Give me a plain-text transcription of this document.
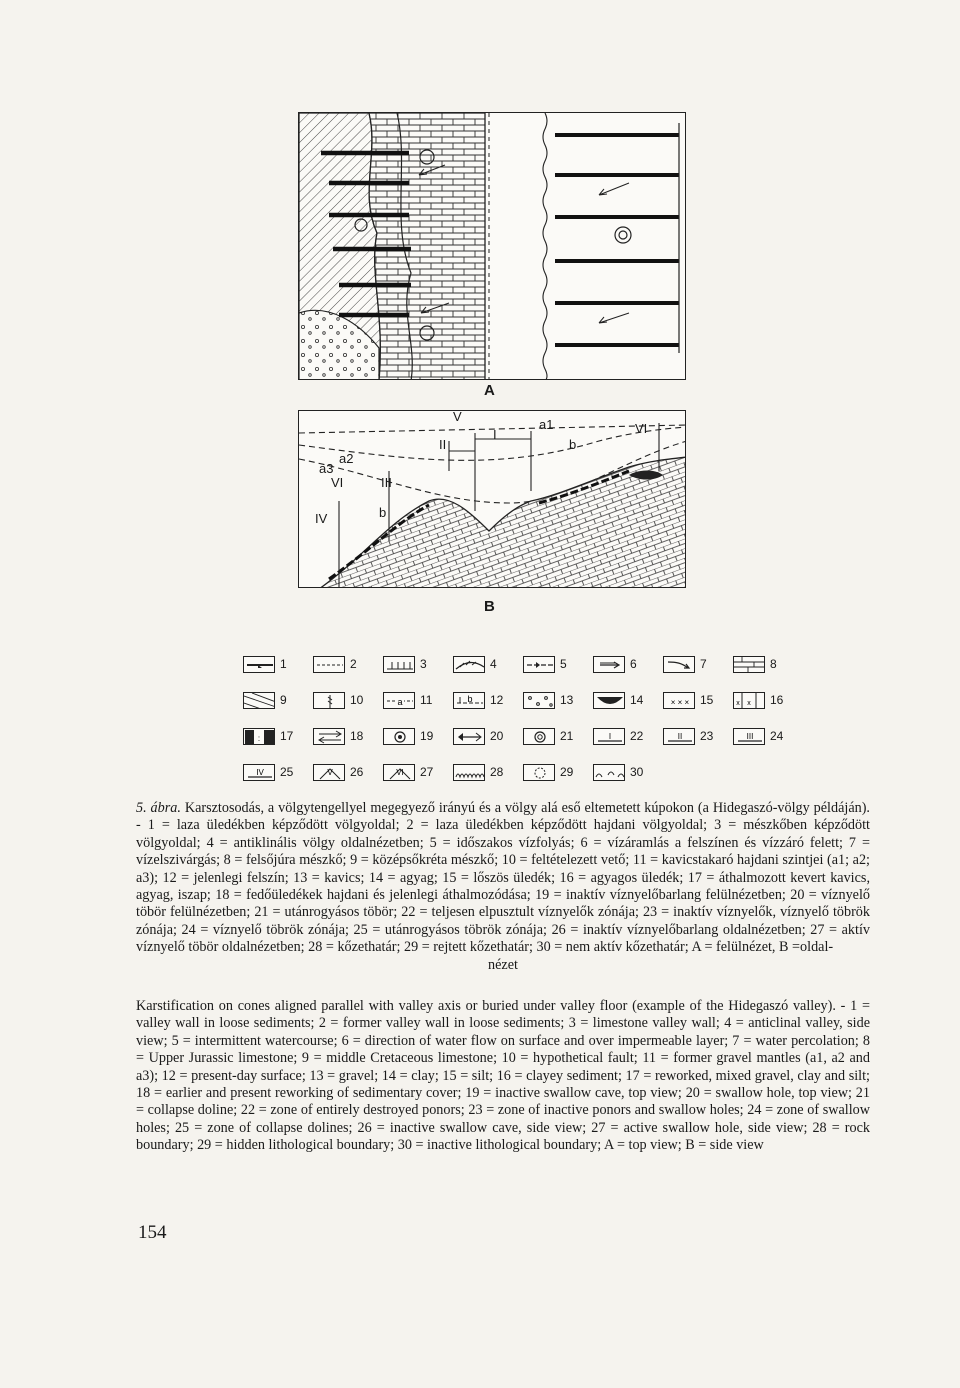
A
V
I
II
III
IV
VI
VI
a1
a2
a3
b
b
B
1	2	3	4	5	6	7	8
9	10	a 11	b 12	13	14	× × × 15	x x 16
: 17	18	19	20	21	I 22	II 23	III 24
IV 25	V 26	VI 27	28	29	30
5. ábra. Karsztosodás, a völgytengellyel megegyező irányú és a völgy alá eső eltemetett kúpokon (a Hidegaszó-völgy példáján). - 1 = laza üledékben képződött völgyoldal; 2 = laza üledékben képződött hajdani völgyoldal; 3 = mészkőben képződött völgyoldal; 4 = antiklinális völgy oldalnézetben; 5 = időszakos vízfolyás; 6 = vízáramlás a felszínen és vízzáró felett; 7 = vízelszivárgás; 8 = felsőjúra mészkő; 9 = középsőkréta mészkő; 10 = feltételezett vető; 11 = kavicstakaró hajdani szintjei (a1; a2; a3); 12 = jelenlegi felszín; 13 = kavics; 14 = agyag; 15 = lőszös üledék; 16 = agyagos üledék; 17 = áthalmozott kevert kavics, agyag, iszap; 18 = fedőüledékek hajdani és jelenlegi áthalmozódása; 19 = inaktív víznyelőbarlang felülnézetben; 20 = víznyelő töbör felülnézetben; 21 = utánrogyásos töbör; 22 = teljesen elpusztult víznyelők zónája; 23 = inaktív víznyelők, víznyelő töbrök zónája; 24 = víznyelő töbrök zónája; 25 = utánrogyásos töbrök zónája; 26 = inaktív víznyelőbarlang oldalnézetben; 27 = aktív víznyelő töbör oldalnézetben; 28 = kőzethatár; 29 = rejtett kőzethatár; 30 = nem aktív kőzethatár; A = felülnézet, B =oldal-
nézet
Karstification on cones aligned parallel with valley axis or buried under valley floor (example of the Hidegaszó valley). - 1 = valley wall in loose sediments; 2 = former valley wall in loose sediments; 3 = limestone valley wall; 4 = anticlinal valley, side view; 5 = intermittent watercourse; 6 = direction of water flow on surface and over impermeable layer; 7 = water percolation; 8 = Upper Jurassic limestone; 9 = middle Cretaceous limestone; 10 = hypothetical fault; 11 = former gravel mantles (a1, a2 and a3); 12 = present-day surface; 13 = gravel; 14 = clay; 15 = silt; 16 = clayey sediment; 17 = reworked, mixed gravel, clay and silt; 18 = earlier and present reworking of sedimentary cover; 19 = inactive swallow cave, top view; 20 = swallow hole, top view; 21 = collapse doline; 22 = zone of entirely destroyed ponors; 23 = zone of inactive ponors and swallow holes; 24 = zone of swallow holes; 25 = zone of collapse dolines; 26 = inactive swallow cave, side view; 27 = active swallow hole, side view; 28 = rock boundary; 29 = hidden lithological boundary; 30 = inactive lithological boundary; A = top view; B = side view
154
